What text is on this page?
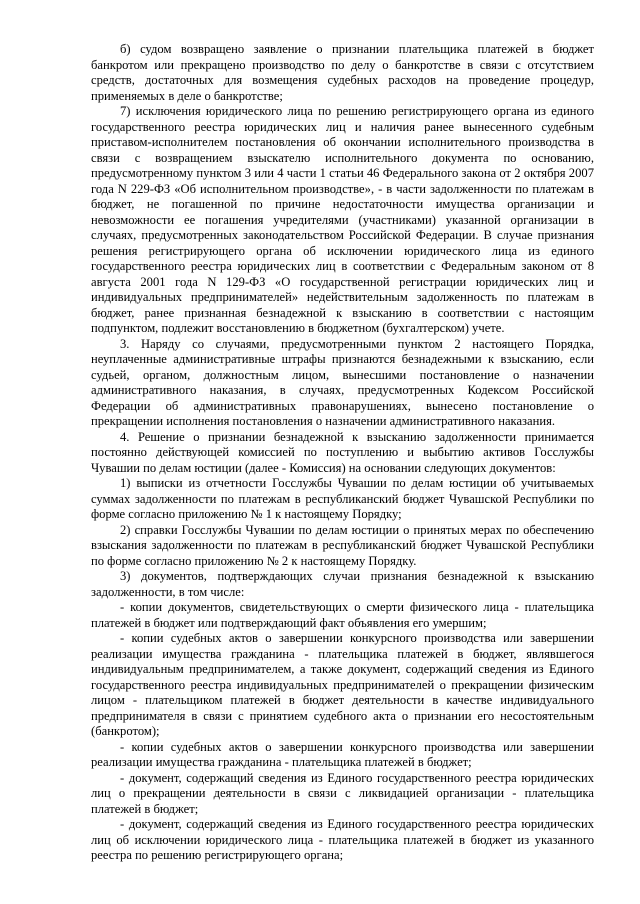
б) судом возвращено заявление о признании плательщика платежей в бюджет банкротом или прекращено производство по делу о банкротстве в связи с отсутствием средств, достаточных для возмещения судебных расходов на проведение процедур, применяемых в деле о банкротстве;

7) исключения юридического лица по решению регистрирующего органа из единого государственного реестра юридических лиц и наличия ранее вынесенного судебным приставом-исполнителем постановления об окончании исполнительного производства в связи с возвращением взыскателю исполнительного документа по основанию, предусмотренному пунктом 3 или 4 части 1 статьи 46 Федерального закона от 2 октября 2007 года N 229-ФЗ «Об исполнительном производстве», - в части задолженности по платежам в бюджет, не погашенной по причине недостаточности имущества организации и невозможности ее погашения учредителями (участниками) указанной организации в случаях, предусмотренных законодательством Российской Федерации. В случае признания решения регистрирующего органа об исключении юридического лица из единого государственного реестра юридических лиц в соответствии с Федеральным законом от 8 августа 2001 года N 129-ФЗ «О государственной регистрации юридических лиц и индивидуальных предпринимателей» недействительным задолженность по платежам в бюджет, ранее признанная безнадежной к взысканию в соответствии с настоящим подпунктом, подлежит восстановлению в бюджетном (бухгалтерском) учете.

3. Наряду со случаями, предусмотренными пунктом 2 настоящего Порядка, неуплаченные административные штрафы признаются безнадежными к взысканию, если судьей, органом, должностным лицом, вынесшими постановление о назначении административного наказания, в случаях, предусмотренных Кодексом Российской Федерации об административных правонарушениях, вынесено постановление о прекращении исполнения постановления о назначении административного наказания.

4. Решение о признании безнадежной к взысканию задолженности принимается постоянно действующей комиссией по поступлению и выбытию активов Госслужбы Чувашии по делам юстиции (далее - Комиссия) на основании следующих документов:

1) выписки из отчетности Госслужбы Чувашии по делам юстиции об учитываемых суммах задолженности по платежам в республиканский бюджет Чувашской Республики по форме согласно приложению № 1 к настоящему Порядку;

2) справки Госслужбы Чувашии по делам юстиции о принятых мерах по обеспечению взыскания задолженности по платежам в республиканский бюджет Чувашской Республики по форме согласно приложению № 2 к настоящему Порядку.

3) документов, подтверждающих случаи признания безнадежной к взысканию задолженности, в том числе:

- копии документов, свидетельствующих о смерти физического лица - плательщика платежей в бюджет или подтверждающий факт объявления его умершим;

- копии судебных актов о завершении конкурсного производства или завершении реализации имущества гражданина - плательщика платежей в бюджет, являвшегося индивидуальным предпринимателем, а также документ, содержащий сведения из Единого государственного реестра индивидуальных предпринимателей о прекращении физическим лицом - плательщиком платежей в бюджет деятельности в качестве индивидуального предпринимателя в связи с принятием судебного акта о признании его несостоятельным (банкротом);

- копии судебных актов о завершении конкурсного производства или завершении реализации имущества гражданина - плательщика платежей в бюджет;

- документ, содержащий сведения из Единого государственного реестра юридических лиц о прекращении деятельности в связи с ликвидацией организации - плательщика платежей в бюджет;

- документ, содержащий сведения из Единого государственного реестра юридических лиц об исключении юридического лица - плательщика платежей в бюджет из указанного реестра по решению регистрирующего органа;
